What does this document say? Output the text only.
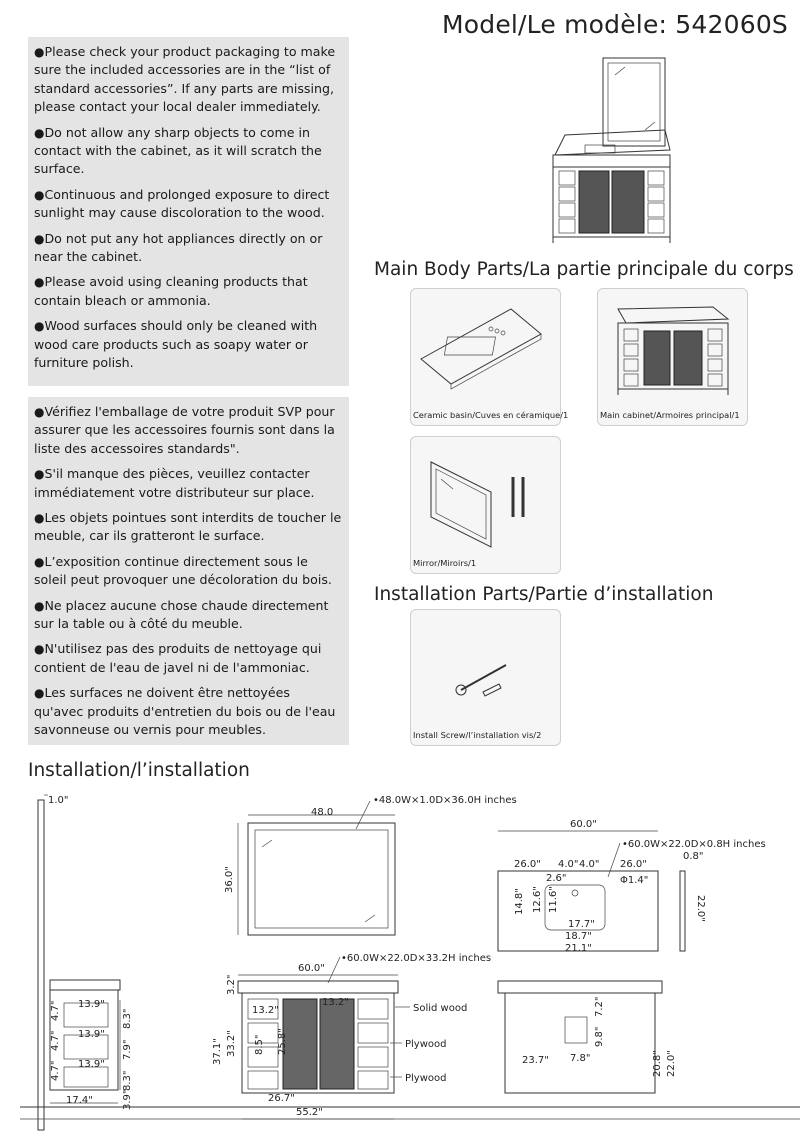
Model/Le modèle: 542060S

●Please check your product packaging to make sure the included accessories are in the “list of standard accessories”. If any parts are missing, please contact your local dealer immediately.

●Do not allow any sharp objects to come in contact with the cabinet, as it will scratch the surface.

●Continuous and prolonged exposure to direct sunlight may cause discoloration to the wood.

●Do not put any hot appliances directly on or near the cabinet.

●Please avoid using cleaning products that contain bleach or ammonia.

●Wood surfaces should only be cleaned with wood care products such as soapy water or furniture polish.

●Vérifiez l'emballage de votre produit SVP pour assurer que les accessoires fournis sont dans la liste des accessoires standards".

●S'il manque des pièces, veuillez contacter immédiatement votre distributeur sur place.

●Les objets pointues sont interdits de toucher le meuble, car ils gratteront le surface.

●L’exposition continue directement sous le soleil peut provoquer une décoloration du bois.

●Ne placez aucune chose chaude directement sur la table ou à côté du meuble.

●N'utilisez pas des produits de nettoyage qui contient de l'eau de javel ni de l'ammoniac.

●Les surfaces ne doivent être nettoyées qu'avec produits d'entretien du bois ou de l'eau savonneuse ou vernis pour meubles.

Main Body Parts/La partie principale du corps
Ceramic basin/Cuves en céramique/1	Main cabinet/Armoires principal/1
Mirror/Miroirs/1
Installation Parts/Partie d’installation
Install Screw/l’installation vis/2
Installation/l’installation
1.0"
13.9"
13.9"
13.9"
4.7"
4.7"
4.7"
8.3"
7.9"
8.3"
3.9"
17.4"
48.0
•48.0W×1.0D×36.0H inches
36.0"
60.0"
•60.0W×22.0D×0.8H inches
26.0" 4.0" 4.0" 26.0"
0.8"
2.6"	Φ1.4"
14.8" 12.6" 11.6"
17.7"
18.7"
21.1"
22.0"
•60.0W×22.0D×33.2H inches
60.0"
13.2"
13.2"
3.2"
37.1" 33.2" 8.5" 25.8"
26.7"
55.2"
Solid wood
Plywood
Plywood
7.2"
9.8"
23.7" 7.8"	20.8" 22.0"
